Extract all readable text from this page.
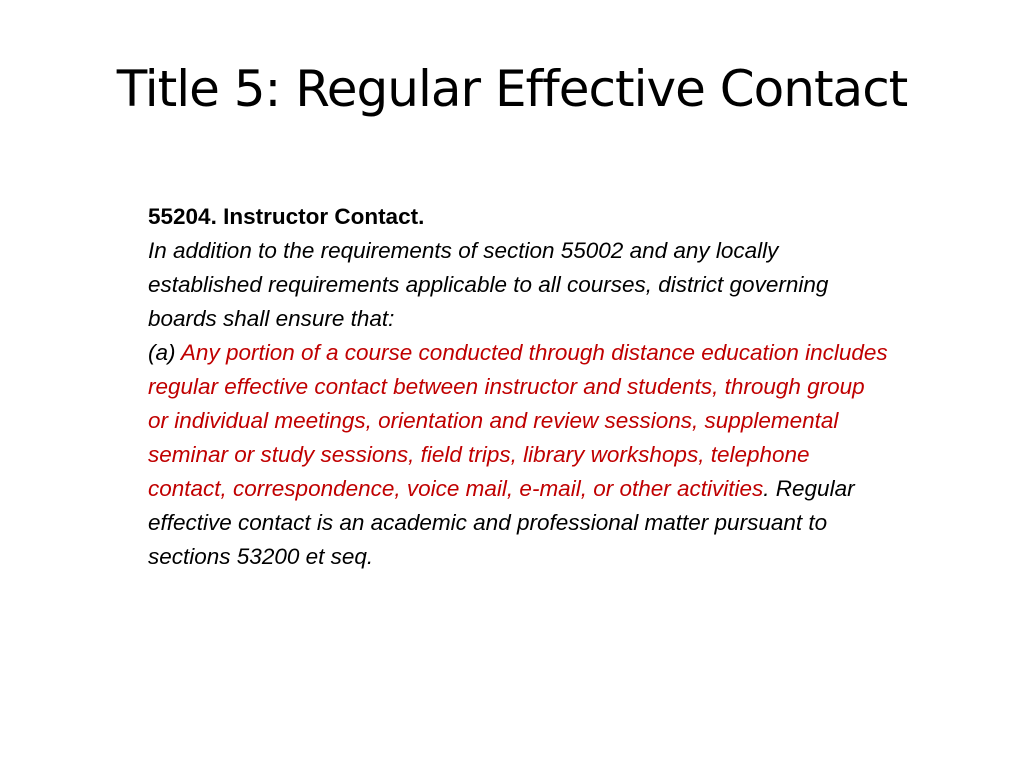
Title 5: Regular Effective Contact

55204. Instructor Contact.

In addition to the requirements of section 55002 and any locally established requirements applicable to all courses, district governing boards shall ensure that:

(a) Any portion of a course conducted through distance education includes regular effective contact between instructor and students, through group or individual meetings, orientation and review sessions, supplemental seminar or study sessions, field trips, library workshops, telephone contact, correspondence, voice mail, e-mail, or other activities. Regular effective contact is an academic and professional matter pursuant to sections 53200 et seq.
